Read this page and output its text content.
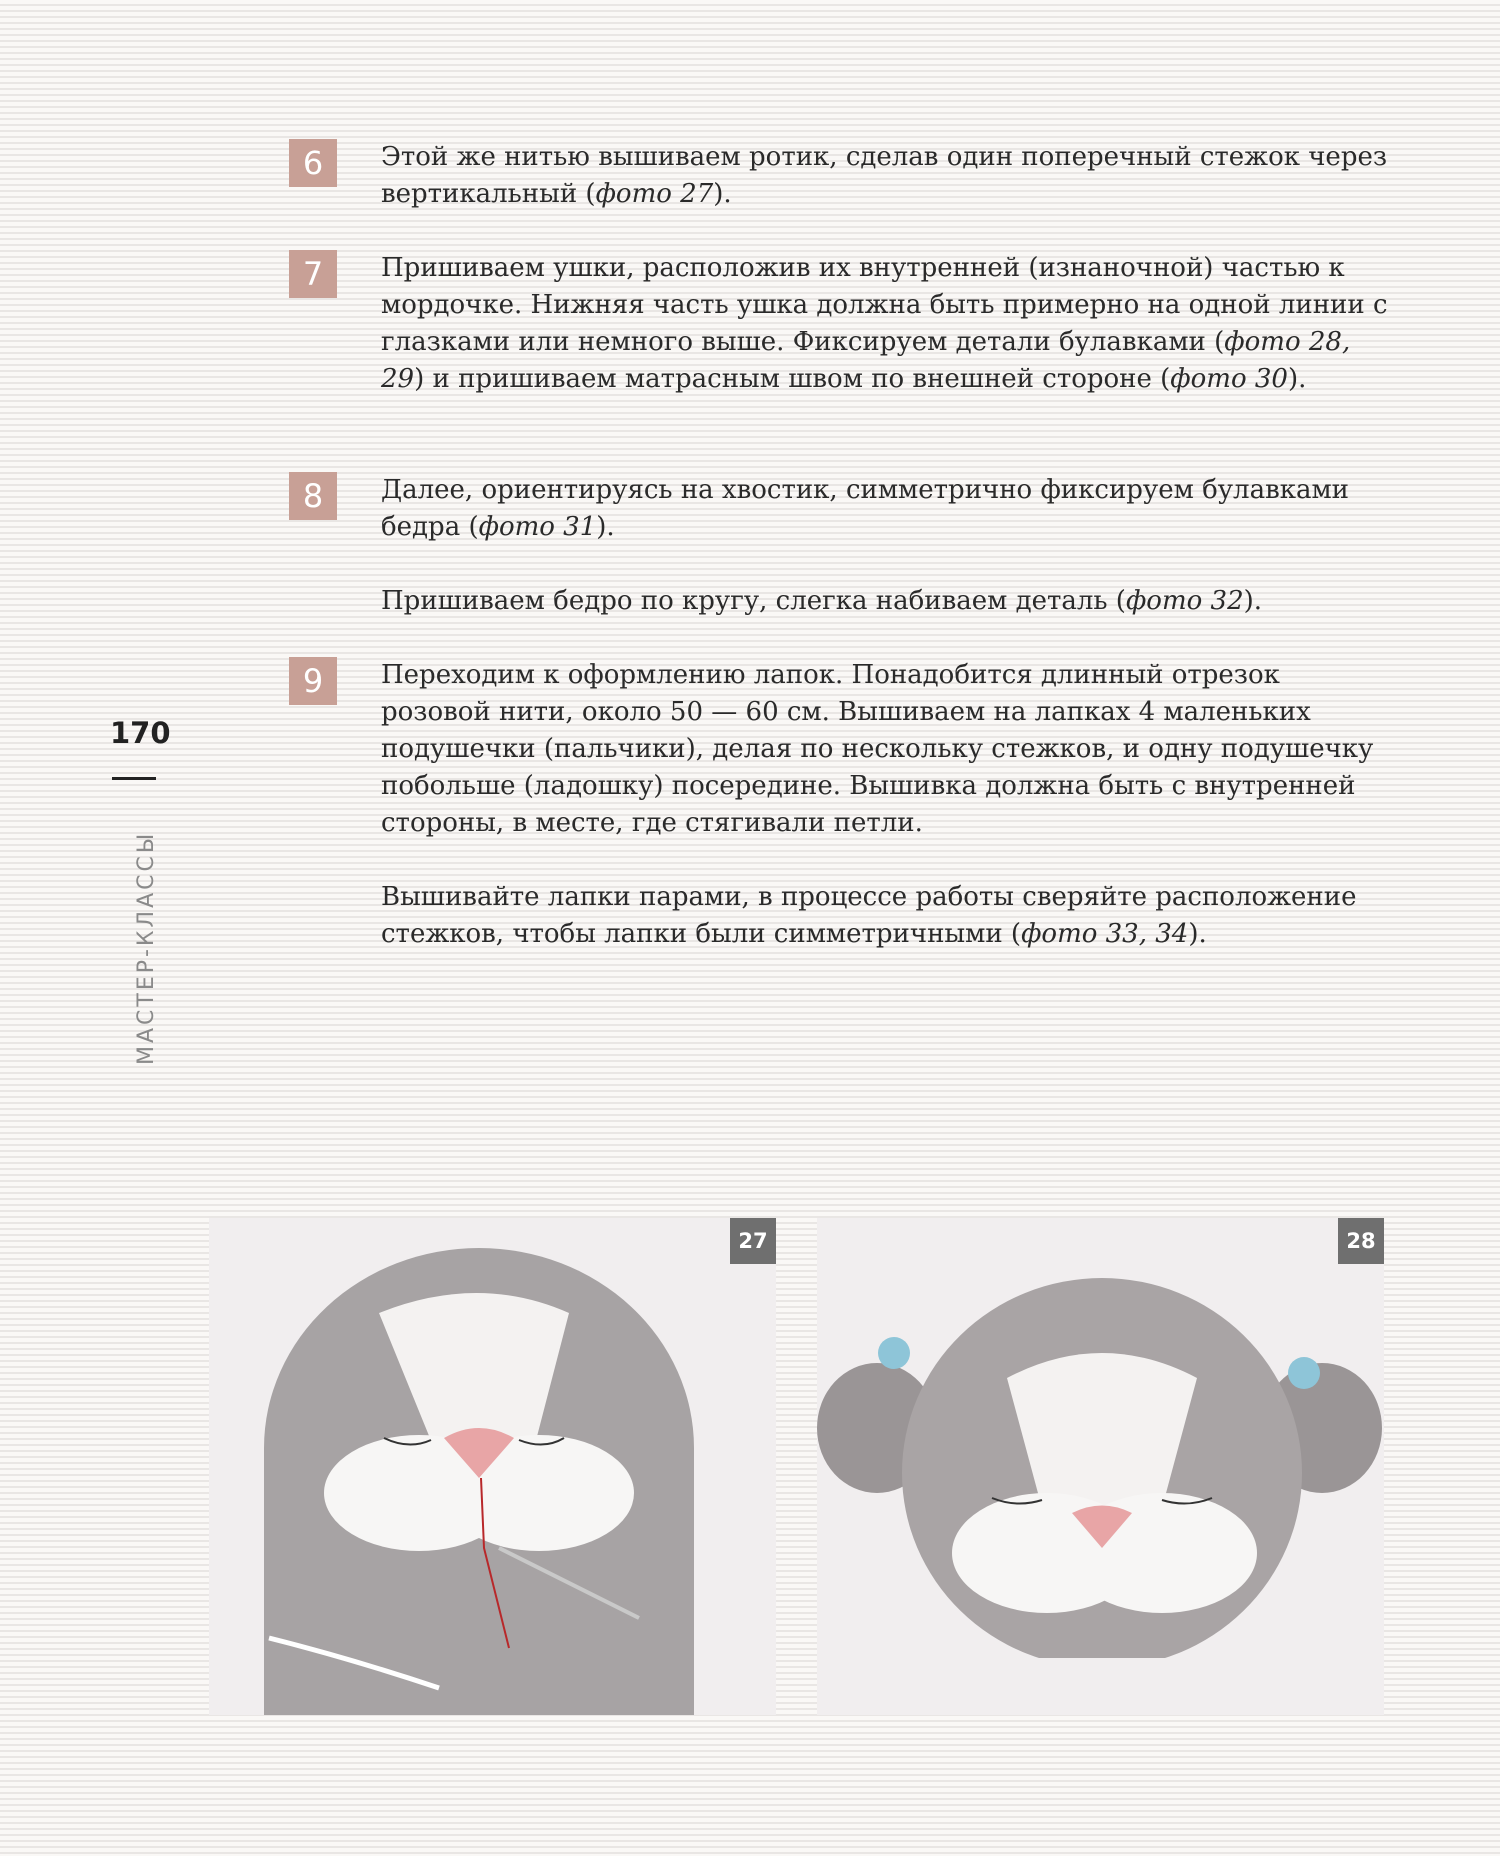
170
МАСТЕР-КЛАССЫ
6	Этой же нитью вышиваем ротик, сделав один поперечный стежок через вертикальный (фото 27).

7	Пришиваем ушки, расположив их внутренней (изнаночной) частью к мордочке. Нижняя часть ушка должна быть примерно на одной линии с глазками или немного выше. Фиксируем детали булавками (фото 28, 29) и пришиваем матрасным швом по внешней стороне (фото 30).

8	Далее, ориентируясь на хвостик, симметрично фиксируем булавками бедра (фото 31).

Пришиваем бедро по кругу, слегка набиваем деталь (фото 32).

9	Переходим к оформлению лапок. Понадобится длинный отрезок розовой нити, около 50 — 60 см. Вышиваем на лапках 4 маленьких подушечки (пальчики), делая по нескольку стежков, и одну подушечку побольше (ладошку) посередине. Вышивка должна быть с внутренней стороны, в месте, где стягивали петли.

Вышивайте лапки парами, в процессе работы сверяйте расположение стежков, чтобы лапки были симметричными (фото 33, 34).

27	28
